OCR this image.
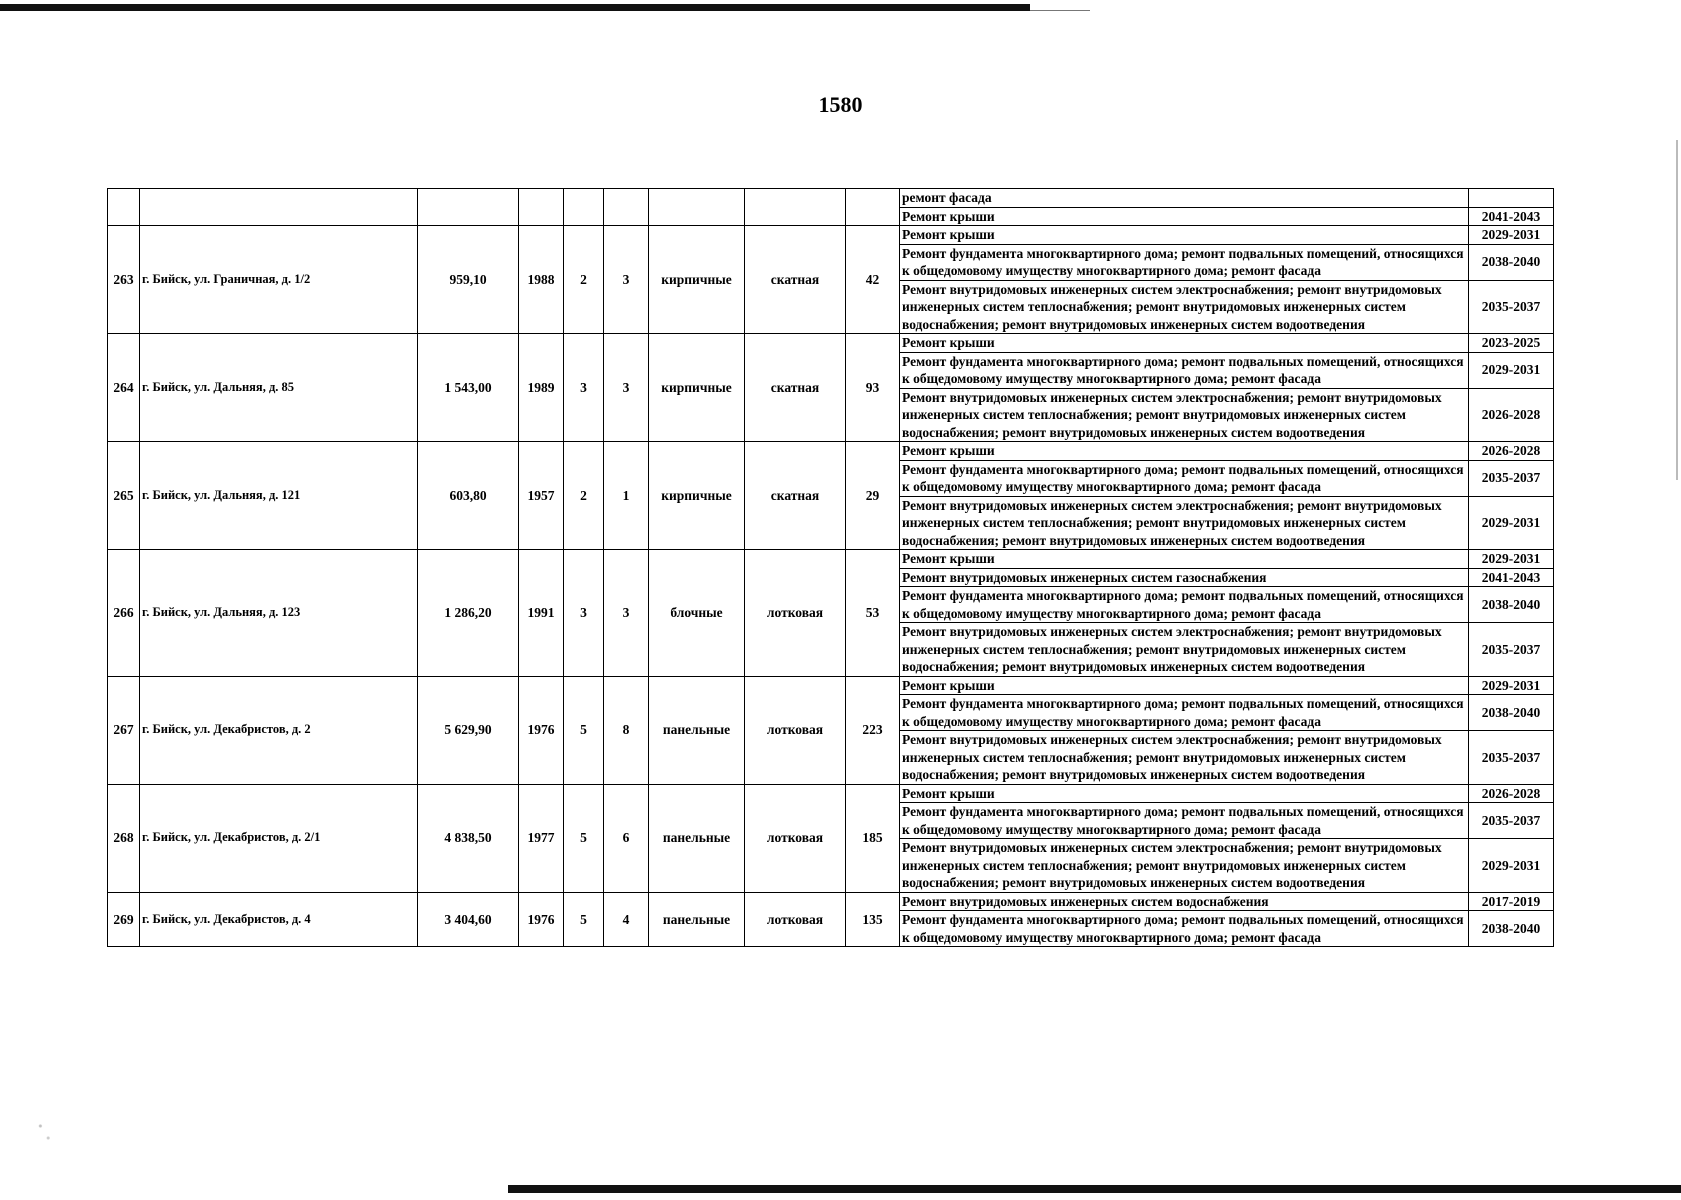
1580
									ремонт фасада	
									Ремонт крыши	2041-2043
263	г. Бийск, ул. Граничная, д. 1/2	959,10	1988	2	3	кирпичные	скатная	42	Ремонт крыши	2029-2031
									Ремонт фундамента многоквартирного дома; ремонт подвальных помещений, относящихся к общедомовому имуществу многоквартирного дома; ремонт фасада	2038-2040
									Ремонт внутридомовых инженерных систем электроснабжения; ремонт внутридомовых инженерных систем теплоснабжения; ремонт внутридомовых инженерных систем водоснабжения; ремонт внутридомовых инженерных систем водоотведения	2035-2037
264	г. Бийск, ул. Дальняя, д. 85	1 543,00	1989	3	3	кирпичные	скатная	93	Ремонт крыши	2023-2025
									Ремонт фундамента многоквартирного дома; ремонт подвальных помещений, относящихся к общедомовому имуществу многоквартирного дома; ремонт фасада	2029-2031
									Ремонт внутридомовых инженерных систем электроснабжения; ремонт внутридомовых инженерных систем теплоснабжения; ремонт внутридомовых инженерных систем водоснабжения; ремонт внутридомовых инженерных систем водоотведения	2026-2028
265	г. Бийск, ул. Дальняя, д. 121	603,80	1957	2	1	кирпичные	скатная	29	Ремонт крыши	2026-2028
									Ремонт фундамента многоквартирного дома; ремонт подвальных помещений, относящихся к общедомовому имуществу многоквартирного дома; ремонт фасада	2035-2037
									Ремонт внутридомовых инженерных систем электроснабжения; ремонт внутридомовых инженерных систем теплоснабжения; ремонт внутридомовых инженерных систем водоснабжения; ремонт внутридомовых инженерных систем водоотведения	2029-2031
266	г. Бийск, ул. Дальняя, д. 123	1 286,20	1991	3	3	блочные	лотковая	53	Ремонт крыши	2029-2031
									Ремонт внутридомовых инженерных систем газоснабжения	2041-2043
									Ремонт фундамента многоквартирного дома; ремонт подвальных помещений, относящихся к общедомовому имуществу многоквартирного дома; ремонт фасада	2038-2040
									Ремонт внутридомовых инженерных систем электроснабжения; ремонт внутридомовых инженерных систем теплоснабжения; ремонт внутридомовых инженерных систем водоснабжения; ремонт внутридомовых инженерных систем водоотведения	2035-2037
267	г. Бийск, ул. Декабристов, д. 2	5 629,90	1976	5	8	панельные	лотковая	223	Ремонт крыши	2029-2031
									Ремонт фундамента многоквартирного дома; ремонт подвальных помещений, относящихся к общедомовому имуществу многоквартирного дома; ремонт фасада	2038-2040
									Ремонт внутридомовых инженерных систем электроснабжения; ремонт внутридомовых инженерных систем теплоснабжения; ремонт внутридомовых инженерных систем водоснабжения; ремонт внутридомовых инженерных систем водоотведения	2035-2037
268	г. Бийск, ул. Декабристов, д. 2/1	4 838,50	1977	5	6	панельные	лотковая	185	Ремонт крыши	2026-2028
									Ремонт фундамента многоквартирного дома; ремонт подвальных помещений, относящихся к общедомовому имуществу многоквартирного дома; ремонт фасада	2035-2037
									Ремонт внутридомовых инженерных систем электроснабжения; ремонт внутридомовых инженерных систем теплоснабжения; ремонт внутридомовых инженерных систем водоснабжения; ремонт внутридомовых инженерных систем водоотведения	2029-2031
269	г. Бийск, ул. Декабристов, д. 4	3 404,60	1976	5	4	панельные	лотковая	135	Ремонт внутридомовых инженерных систем водоснабжения	2017-2019
									Ремонт фундамента многоквартирного дома; ремонт подвальных помещений, относящихся к общедомовому имуществу многоквартирного дома; ремонт фасада	2038-2040
